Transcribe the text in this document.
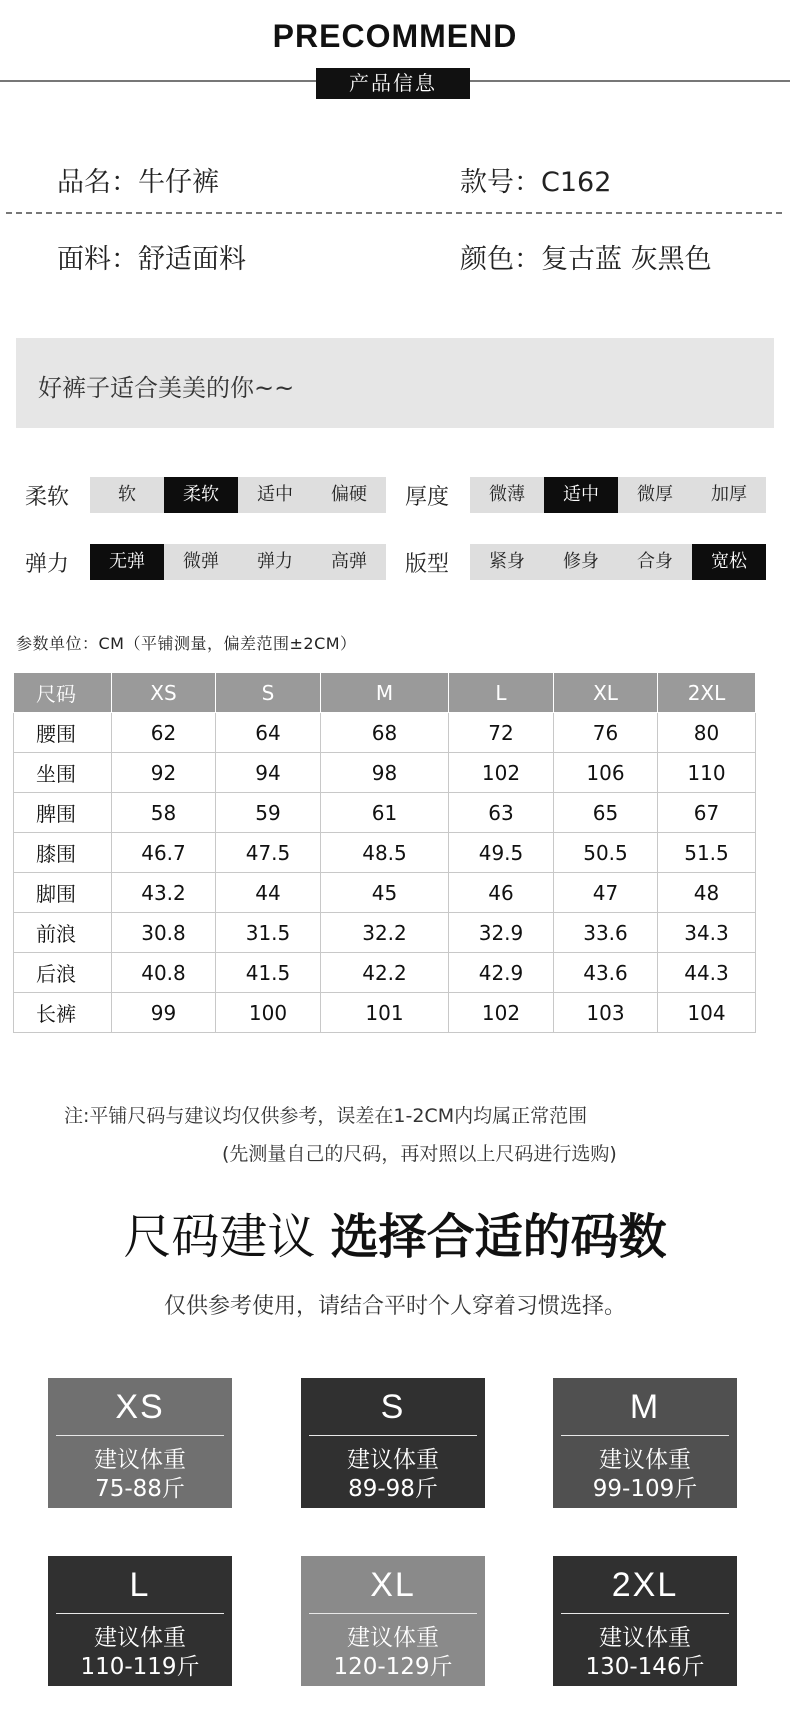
PRECOMMEND
产品信息
品名：牛仔裤	款号：C162
面料：舒适面料	颜色：复古蓝 灰黑色
好裤子适合美美的你~~
柔软	软	柔软	适中	偏硬	厚度	微薄	适中	微厚	加厚
弹力	无弹	微弹	弹力	高弹	版型	紧身	修身	合身	宽松
参数单位：CM（平铺测量，偏差范围±2CM）
尺码	XS	S	M	L	XL	2XL
腰围	62	64	68	72	76	80
坐围	92	94	98	102	106	110
脾围	58	59	61	63	65	67
膝围	46.7	47.5	48.5	49.5	50.5	51.5
脚围	43.2	44	45	46	47	48
前浪	30.8	31.5	32.2	32.9	33.6	34.3
后浪	40.8	41.5	42.2	42.9	43.6	44.3
长裤	99	100	101	102	103	104
注:平铺尺码与建议均仅供参考，误差在1-2CM内均属正常范围
(先测量自己的尺码，再对照以上尺码进行选购)
尺码建议 选择合适的码数
仅供参考使用，请结合平时个人穿着习惯选择。
XS
建议体重
75-88斤
S
建议体重
89-98斤
M
建议体重
99-109斤
L
建议体重
110-119斤
XL
建议体重
120-129斤
2XL
建议体重
130-146斤
